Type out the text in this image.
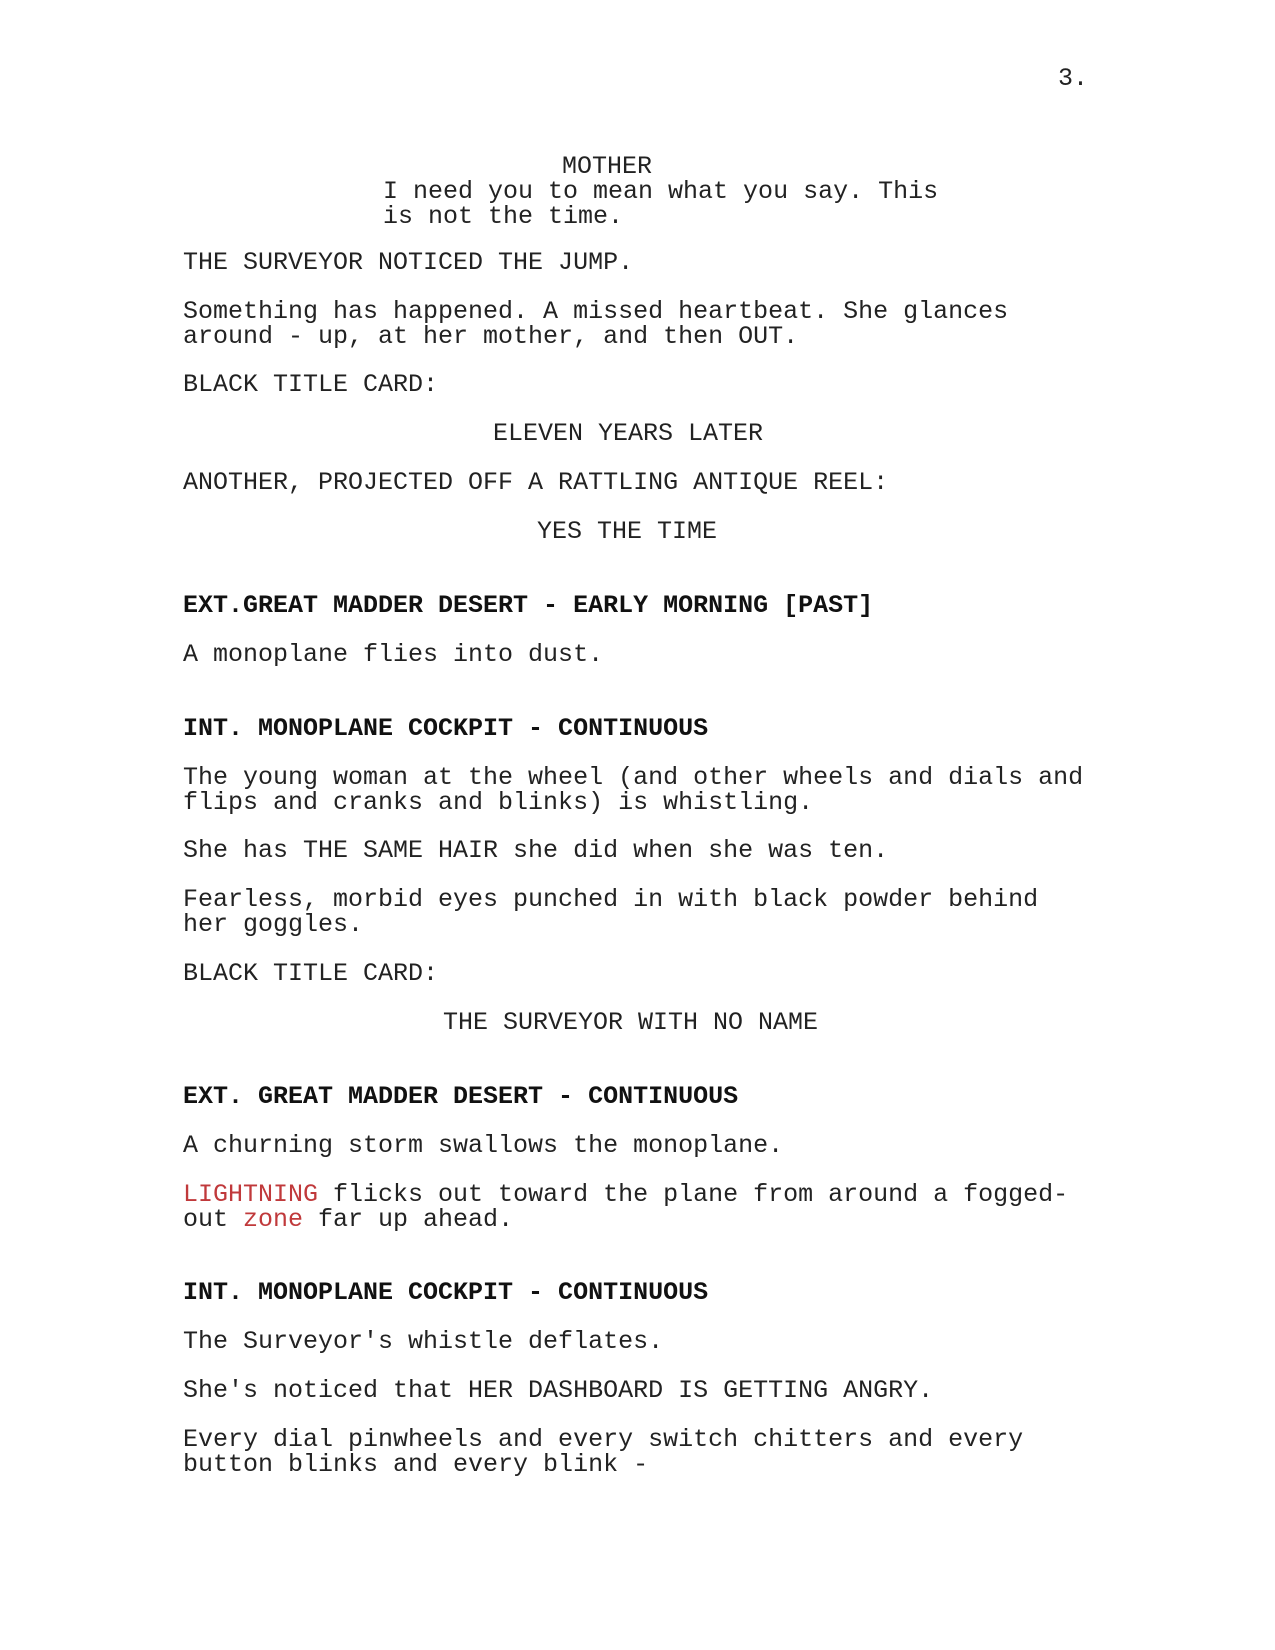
3.
MOTHER
I need you to mean what you say. This
is not the time.
THE SURVEYOR NOTICED THE JUMP.
Something has happened. A missed heartbeat. She glances
around - up, at her mother, and then OUT.
BLACK TITLE CARD:
ELEVEN YEARS LATER
ANOTHER, PROJECTED OFF A RATTLING ANTIQUE REEL:
YES THE TIME
EXT.GREAT MADDER DESERT - EARLY MORNING [PAST]
A monoplane flies into dust.
INT. MONOPLANE COCKPIT - CONTINUOUS
The young woman at the wheel (and other wheels and dials and
flips and cranks and blinks) is whistling.
She has THE SAME HAIR she did when she was ten.
Fearless, morbid eyes punched in with black powder behind
her goggles.
BLACK TITLE CARD:
THE SURVEYOR WITH NO NAME
EXT. GREAT MADDER DESERT - CONTINUOUS
A churning storm swallows the monoplane.
LIGHTNING flicks out toward the plane from around a fogged-
out zone far up ahead.
INT. MONOPLANE COCKPIT - CONTINUOUS
The Surveyor's whistle deflates.
She's noticed that HER DASHBOARD IS GETTING ANGRY.
Every dial pinwheels and every switch chitters and every
button blinks and every blink -
